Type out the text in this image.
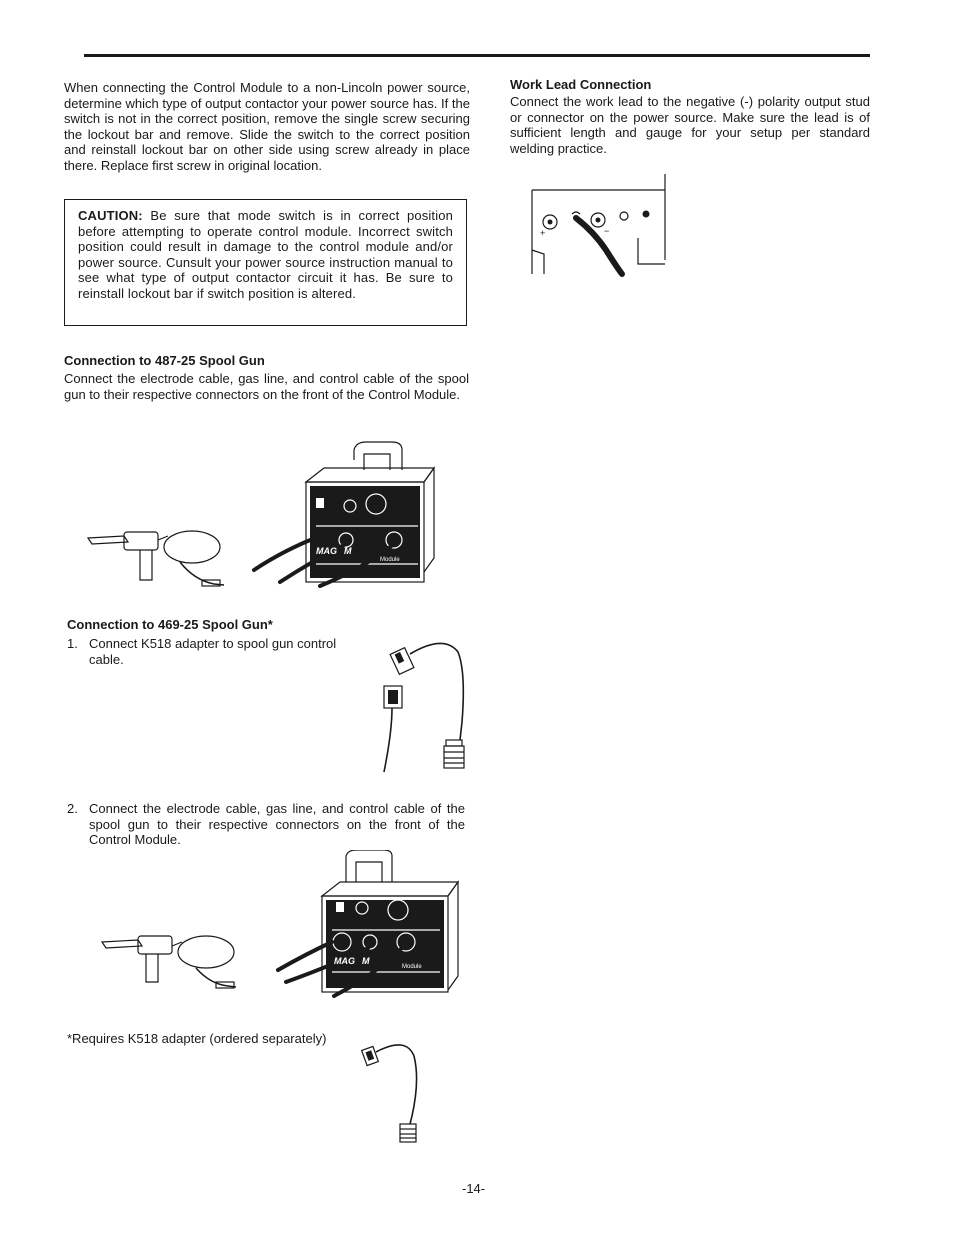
When connecting the Control Module to a non-Lincoln power source, determine which type of output contactor your power source has. If the switch is not in the correct position, remove the single screw securing the lockout bar and remove. Slide the switch to the correct position and reinstall lockout bar on other side using screw already in place there. Replace first screw in original location.

CAUTION: Be sure that mode switch is in correct position before attempting to operate control module. Incorrect switch position could result in damage to the control module and/or power source. Cunsult your power source instruction manual to see what type of output contactor circuit it has. Be sure to reinstall lockout bar if switch position is altered.

Connection to 487-25 Spool Gun

Connect the electrode cable, gas line, and control cable of the spool gun to their respective connectors on the front of the Control Module.

MAG M
Module
Connection to 469-25 Spool Gun*
1. Connect K518 adapter to spool gun control cable.
2. Connect the electrode cable, gas line, and control cable of the spool gun to their respective connectors on the front of the Control Module.
MAG M
Module

*Requires K518 adapter (ordered separately)

Work Lead Connection

Connect the work lead to the negative (-) polarity output stud or connector on the power source. Make sure the lead is of sufficient length and gauge for your setup per standard welding practice.

+	−
-14-
